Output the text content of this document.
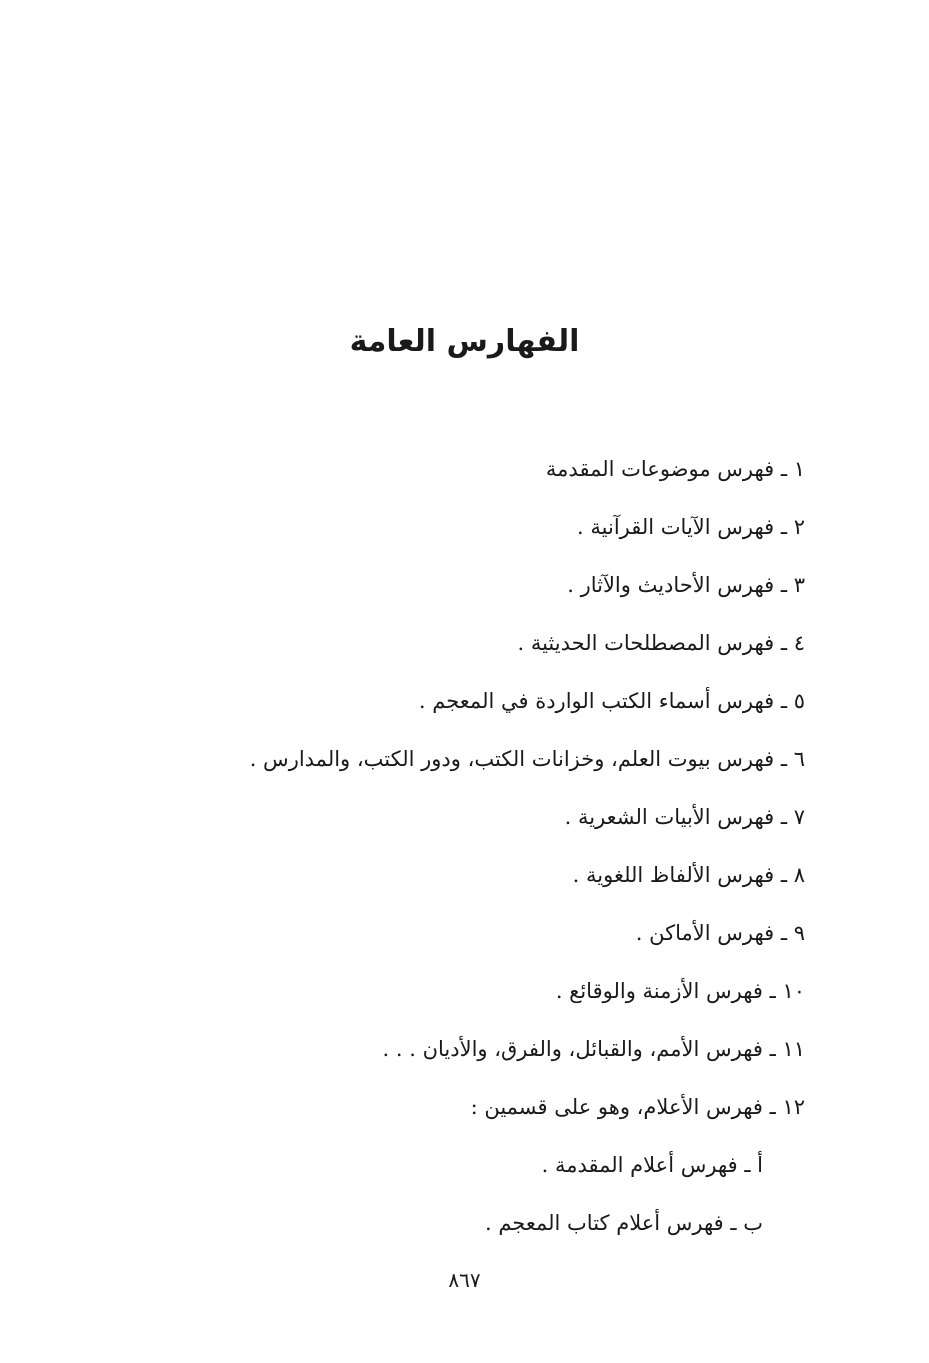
الفهارس العامة
١ ـ فهرس موضوعات المقدمة
٢ ـ فهرس الآيات القرآنية .
٣ ـ فهرس الأحاديث والآثار .
٤ ـ فهرس المصطلحات الحديثية .
٥ ـ فهرس أسماء الكتب الواردة في المعجم .
٦ ـ فهرس بيوت العلم، وخزانات الكتب، ودور الكتب، والمدارس .
٧ ـ فهرس الأبيات الشعرية .
٨ ـ فهرس الألفاظ اللغوية .
٩ ـ فهرس الأماكن .
١٠ ـ فهرس الأزمنة والوقائع .
١١ ـ فهرس الأمم، والقبائل، والفرق، والأديان . . .
١٢ ـ فهرس الأعلام، وهو على قسمين :
أ ـ فهرس أعلام المقدمة .
ب ـ فهرس أعلام كتاب المعجم .
٨٦٧
